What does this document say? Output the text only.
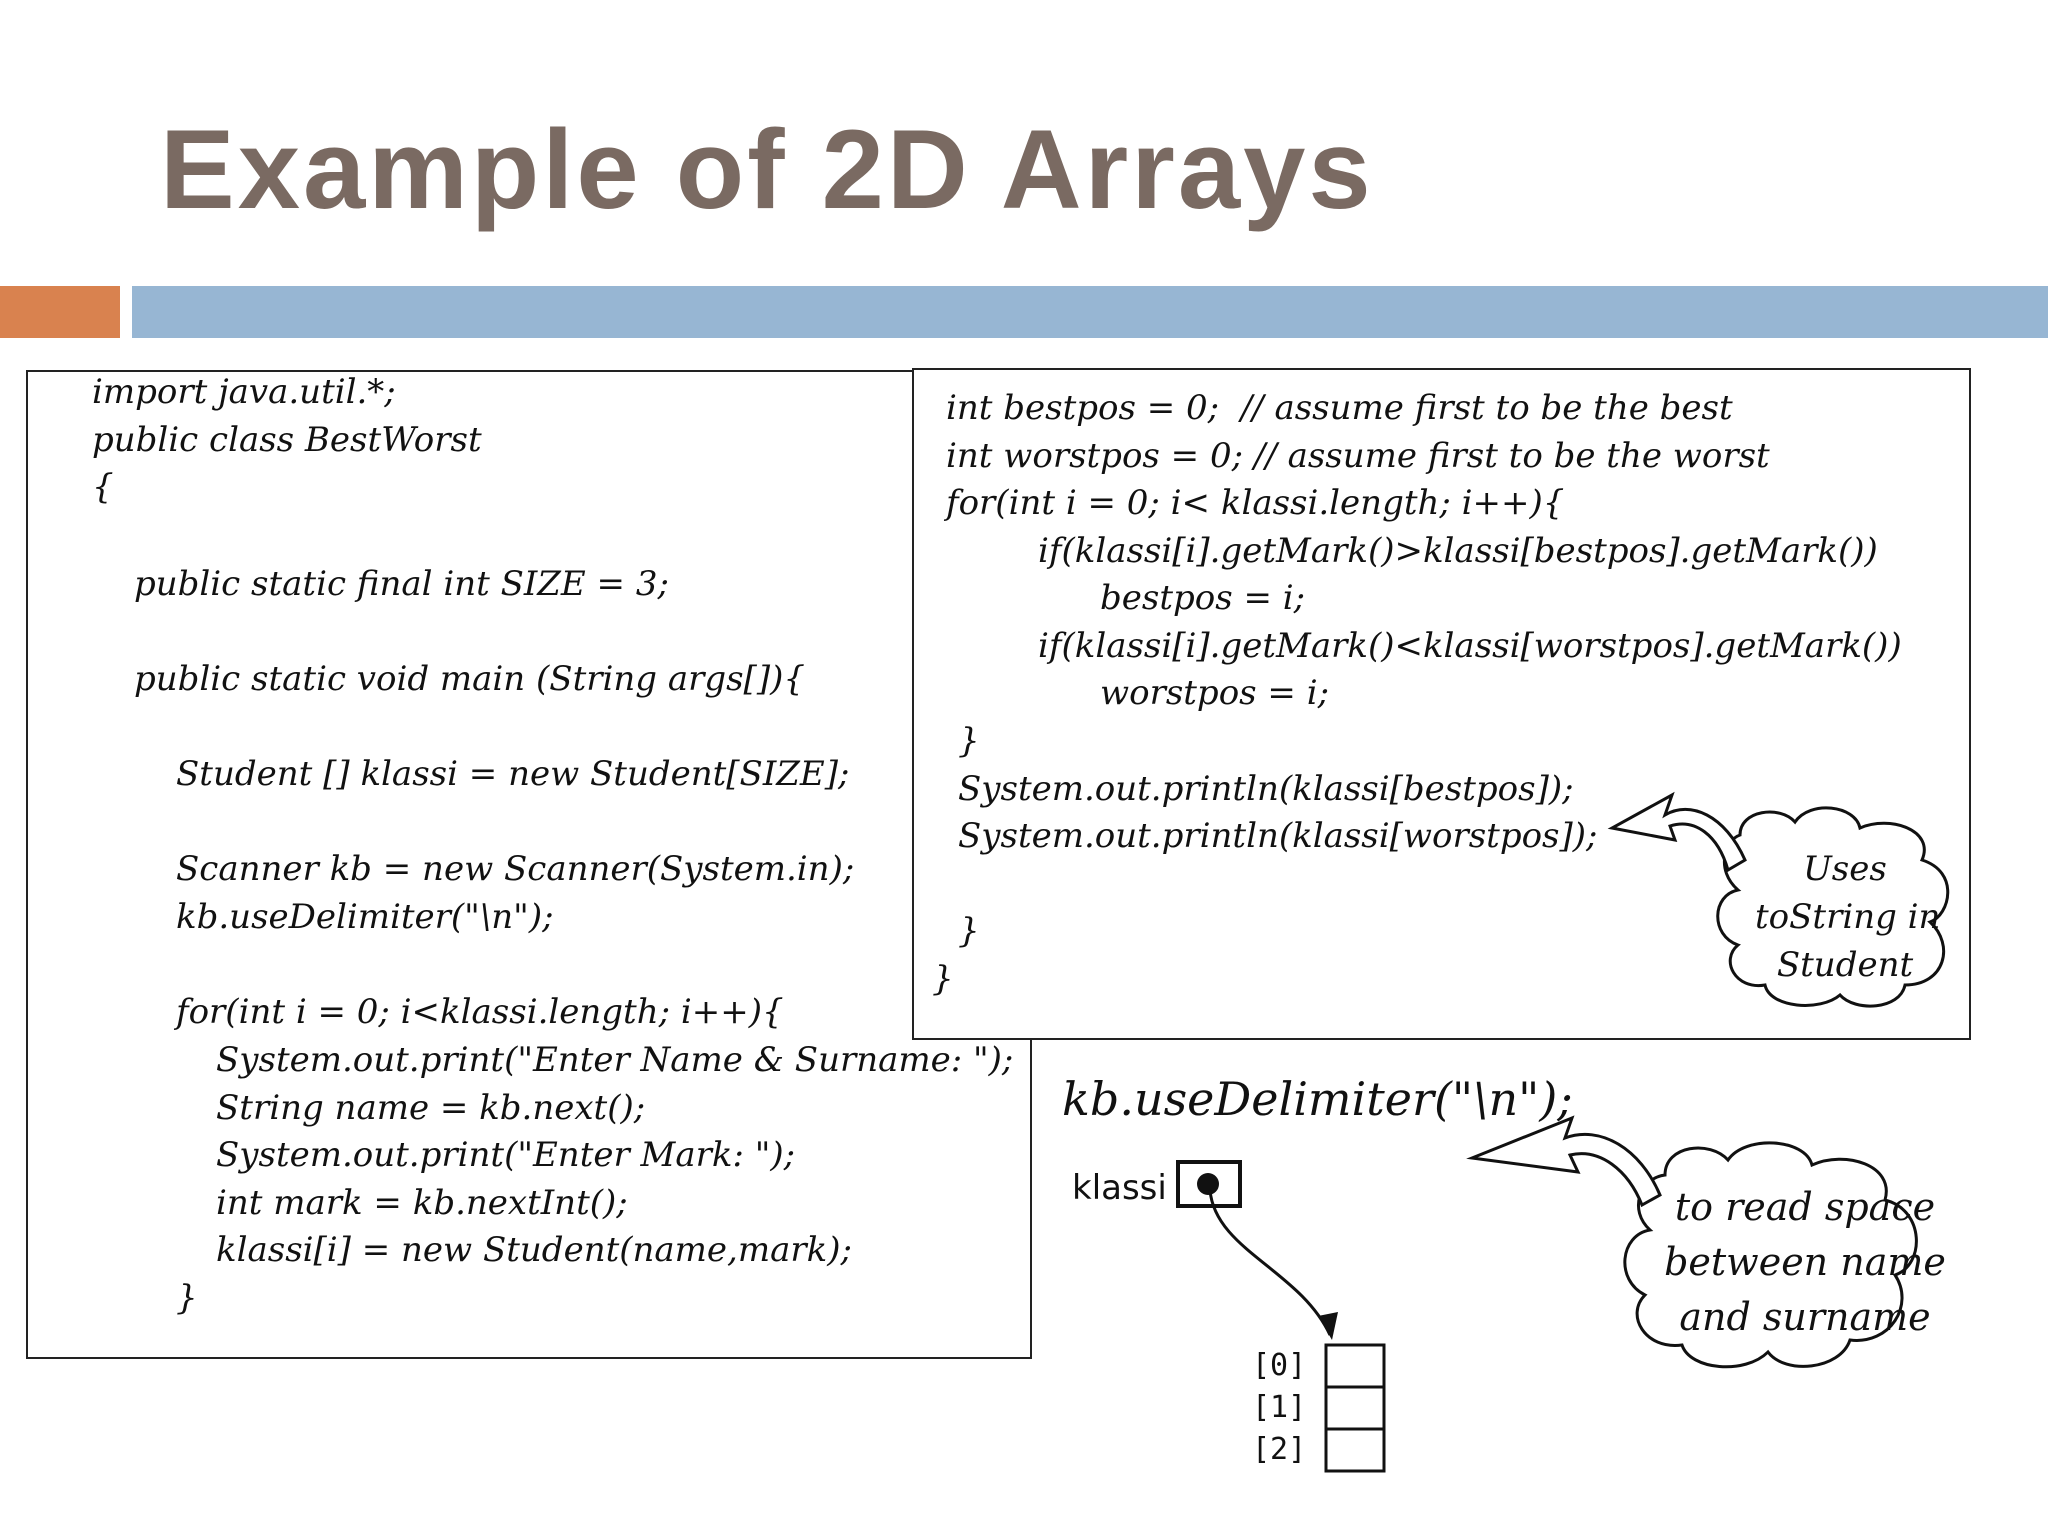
Example of 2D Arrays
import java.util.*;
public class BestWorst
{
public static final int SIZE = 3;
public static void main (String args[]){
Student [] klassi = new Student[SIZE];
Scanner kb = new Scanner(System.in);
kb.useDelimiter("\n");
for(int i = 0; i<klassi.length; i++){
System.out.print("Enter Name & Surname: ");
String name = kb.next();
System.out.print("Enter Mark: ");
int mark = kb.nextInt();
klassi[i] = new Student(name,mark);
}
int bestpos = 0;  // assume first to be the best
int worstpos = 0; // assume first to be the worst
for(int i = 0; i< klassi.length; i++){
if(klassi[i].getMark()>klassi[bestpos].getMark())
bestpos = i;
if(klassi[i].getMark()<klassi[worstpos].getMark())
worstpos = i;
}
System.out.println(klassi[bestpos]);
System.out.println(klassi[worstpos]);
}
}
Uses
toString in
Student
kb.useDelimiter("\n");
klassi
[0]
[1]
[2]
to read space
between name
and surname
